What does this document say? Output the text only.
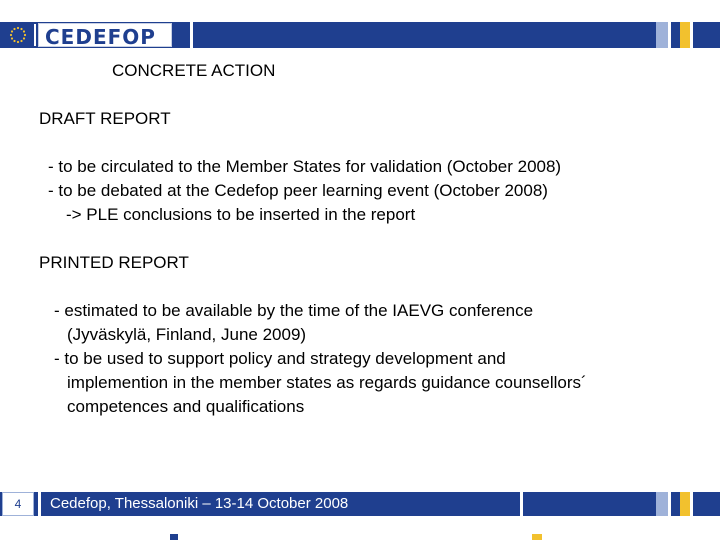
CEDEFOP
CONCRETE ACTION
DRAFT REPORT
- to be circulated to the Member States for validation (October 2008)
- to be debated at the Cedefop peer learning event (October 2008)
-> PLE conclusions to be inserted in the report
PRINTED REPORT
- estimated to be available by the time of the IAEVG conference
(Jyväskylä, Finland, June 2009)
- to be used to support policy and strategy development and
implemention in the member states as regards guidance counsellors´
competences and qualifications
4	Cedefop, Thessaloniki – 13-14 October 2008
